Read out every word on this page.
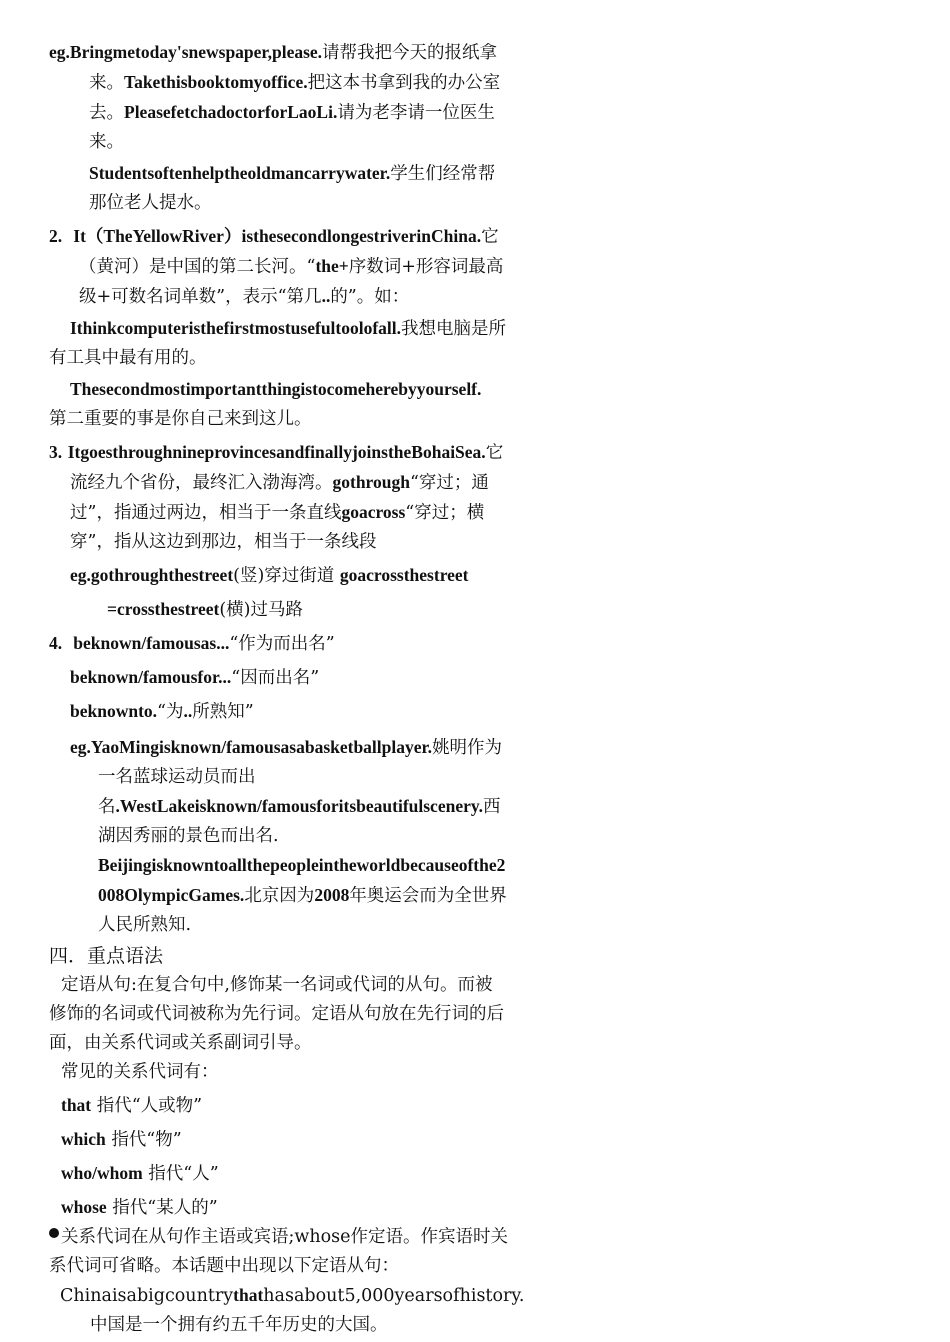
eg.Bringmetoday'snewspaper,please.请帮我把今天的报纸拿来。Takethisbooktomyoffice.把这本书拿到我的办公室去。PleasefetchadoctorforLaoLi.请为老李请一位医生来。

Studentsoftenhelptheoldmancarrywater.学生们经常帮那位老人提水。

2. It（TheYellowRiver）isthesecondlongestriverinChina.它（黄河）是中国的第二长河。“the+序数词+形容词最高级+可数名词单数”，表示“第几..的”。如：

Ithinkcomputeristhefirstmostusefultoolofall.我想电脑是所有工具中最有用的。

Thesecondmostimportantthingistocomeherebyyourself.

第二重要的事是你自己来到这儿。

3. ItgoesthroughnineprovincesandfinallyjoinstheBohaiSea.它流经九个省份，最终汇入渤海湾。gothrough“穿过；通过”，指通过两边，相当于一条直线goacross“穿过；横穿”，指从这边到那边，相当于一条线段

eg.gothroughthestreet(竖)穿过街道 goacrossthestreet

=crossthestreet(横)过马路

4. beknown/famousas...“作为而出名”

beknown/famousfor...“因而出名”

beknownto.“为..所熟知”

eg.YaoMingisknown/famousasabasketballplayer.姚明作为一名蓝球运动员而出名.WestLakeisknown/famousforitsbeautifulscenery.西湖因秀丽的景色而出名.

Beijingisknowntoallthepeopleintheworldbecauseofthe2008OlympicGames.北京因为2008年奥运会而为全世界人民所熟知.

四．重点语法

定语从句:在复合句中,修饰某一名词或代词的从句。而被修饰的名词或代词被称为先行词。定语从句放在先行词的后面，由关系代词或关系副词引导。

常见的关系代词有：

that 指代“人或物”

which 指代“物”

who/whom 指代“人”

whose 指代“某人的”

关系代词在从句作主语或宾语;whose作定语。作宾语时关系代词可省略。本话题中出现以下定语从句：

Chinaisabigcountrythathasabout5,000yearsofhistory.中国是一个拥有约五千年历史的大国。
